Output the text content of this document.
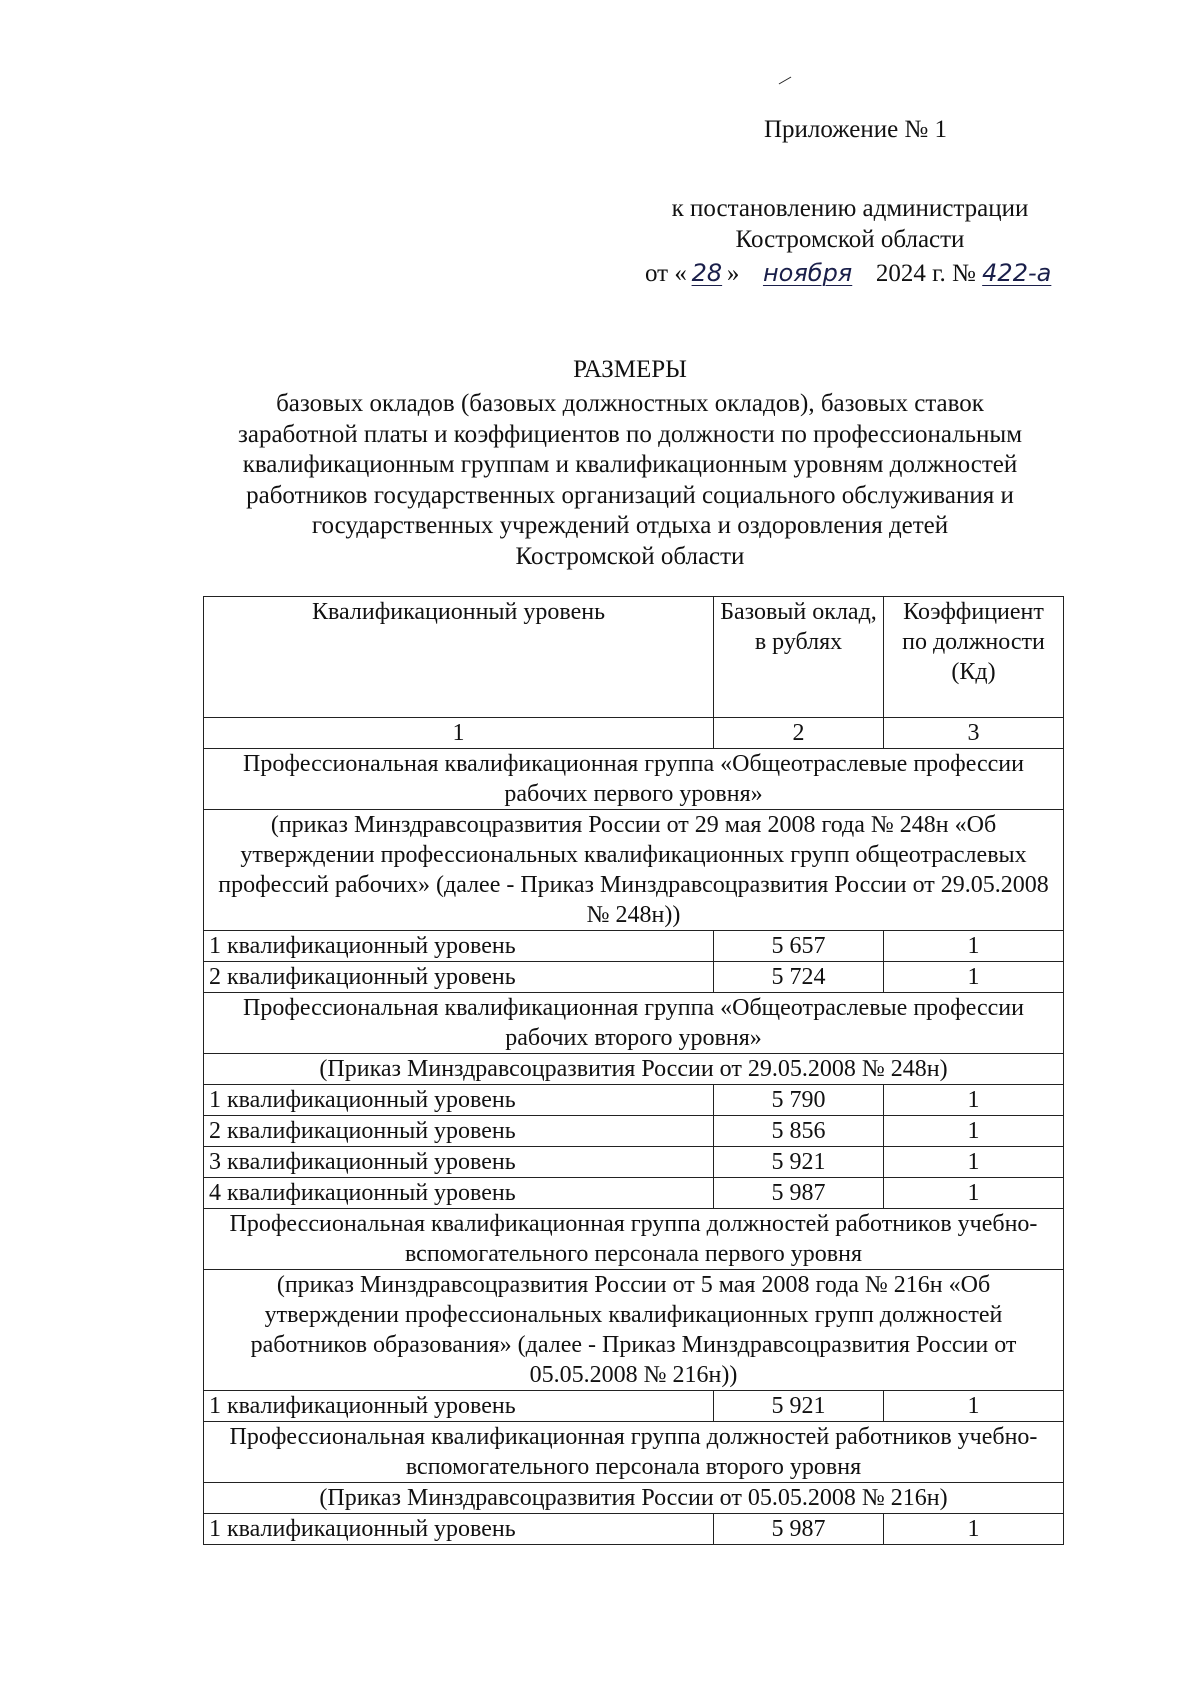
Приложение № 1
к постановлению администрации
Костромской области
от « 28 » ноября 2024 г. № 422-а
РАЗМЕРЫ
базовых окладов (базовых должностных окладов), базовых ставок
заработной платы и коэффициентов по должности по профессиональным
квалификационным группам и квалификационным уровням должностей
работников государственных организаций социального обслуживания и
государственных учреждений отдыха и оздоровления детей
Костромской области
Квалификационный уровень	Базовый оклад, в рублях	Коэффициент по должности (Кд)
1	2	3
Профессиональная квалификационная группа «Общеотраслевые профессии рабочих первого уровня»		
(приказ Минздравсоцразвития России от 29 мая 2008 года № 248н «Об утверждении профессиональных квалификационных групп общеотраслевых профессий рабочих» (далее - Приказ Минздравсоцразвития России от 29.05.2008 № 248н))		
1 квалификационный уровень	5 657	1
2 квалификационный уровень	5 724	1
Профессиональная квалификационная группа «Общеотраслевые профессии рабочих второго уровня»		
(Приказ Минздравсоцразвития России от 29.05.2008 № 248н)		
1 квалификационный уровень	5 790	1
2 квалификационный уровень	5 856	1
3 квалификационный уровень	5 921	1
4 квалификационный уровень	5 987	1
Профессиональная квалификационная группа должностей работников учебно-вспомогательного персонала первого уровня		
(приказ Минздравсоцразвития России от 5 мая 2008 года № 216н «Об утверждении профессиональных квалификационных групп должностей работников образования» (далее - Приказ Минздравсоцразвития России от 05.05.2008 № 216н))		
1 квалификационный уровень	5 921	1
Профессиональная квалификационная группа должностей работников учебно-вспомогательного персонала второго уровня		
(Приказ Минздравсоцразвития России от 05.05.2008 № 216н)		
1 квалификационный уровень	5 987	1
